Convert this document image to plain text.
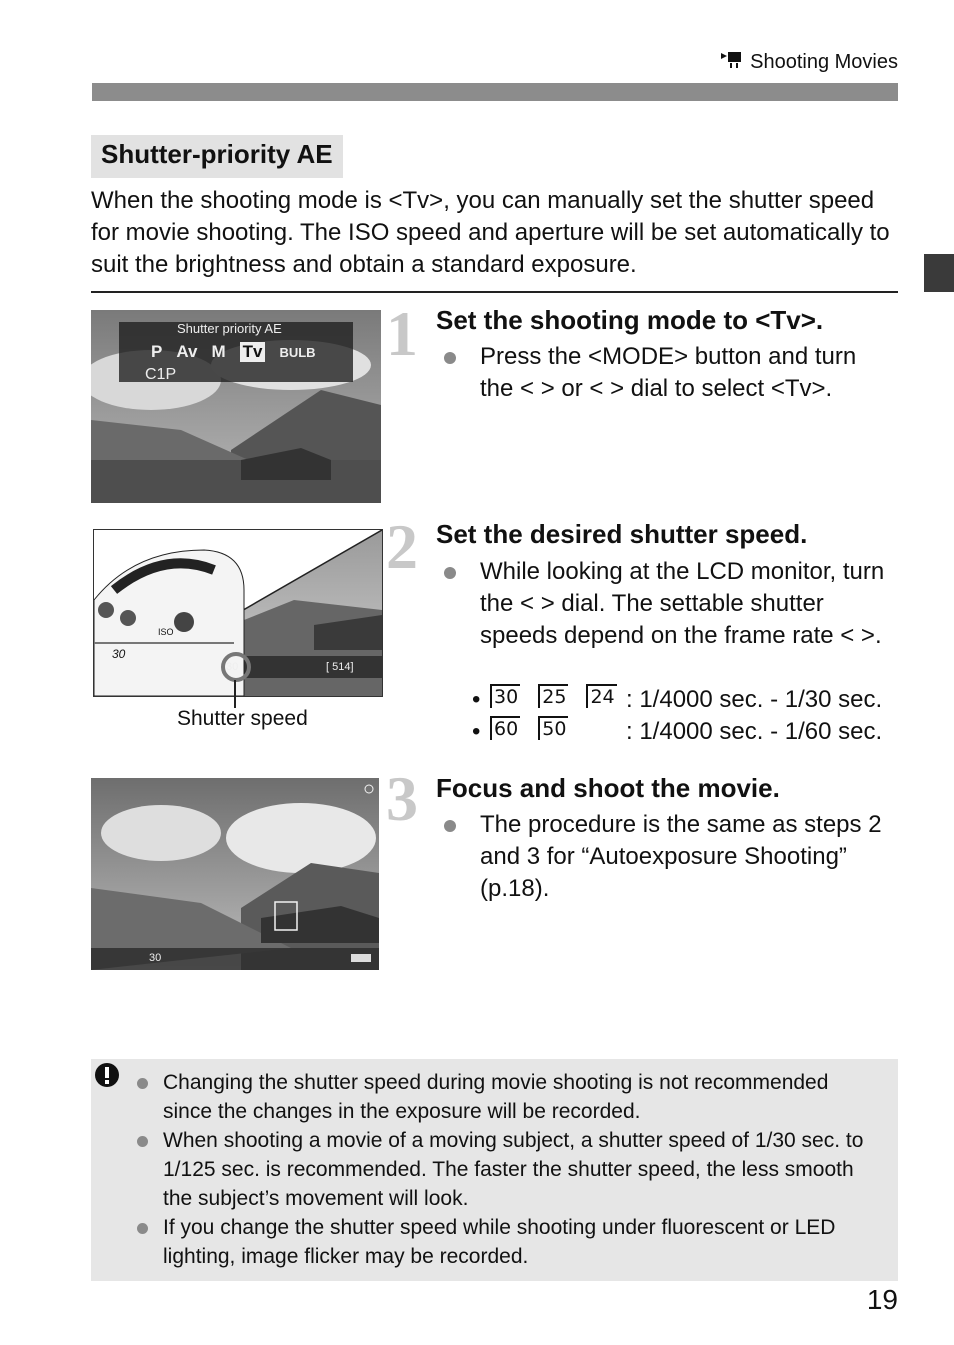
Shooting Movies
Shutter-priority AE
When the shooting mode is <Tv>, you can manually set the shutter speed for movie shooting. The ISO speed and aperture will be set automatically to suit the brightness and obtain a standard exposure.
Shutter priority AE
P Av M Tv BULB
C1P
1 Set the shooting mode to <Tv>.
Press the <MODE> button and turn the < > or < > dial to select <Tv>.
30	[ 514]
30
ISO
Shutter speed
2 Set the desired shutter speed.
While looking at the LCD monitor, turn the < > dial. The settable shutter speeds depend on the frame rate < >.
• 30 25 24 : 1/4000 sec. - 1/30 sec.
• 60 50 : 1/4000 sec. - 1/60 sec.
30
3 Focus and shoot the movie.
The procedure is the same as steps 2 and 3 for “Autoexposure Shooting” (p.18).
Changing the shutter speed during movie shooting is not recommended since the changes in the exposure will be recorded.
When shooting a movie of a moving subject, a shutter speed of 1/30 sec. to 1/125 sec. is recommended. The faster the shutter speed, the less smooth the subject’s movement will look.
If you change the shutter speed while shooting under fluorescent or LED lighting, image flicker may be recorded.
19
